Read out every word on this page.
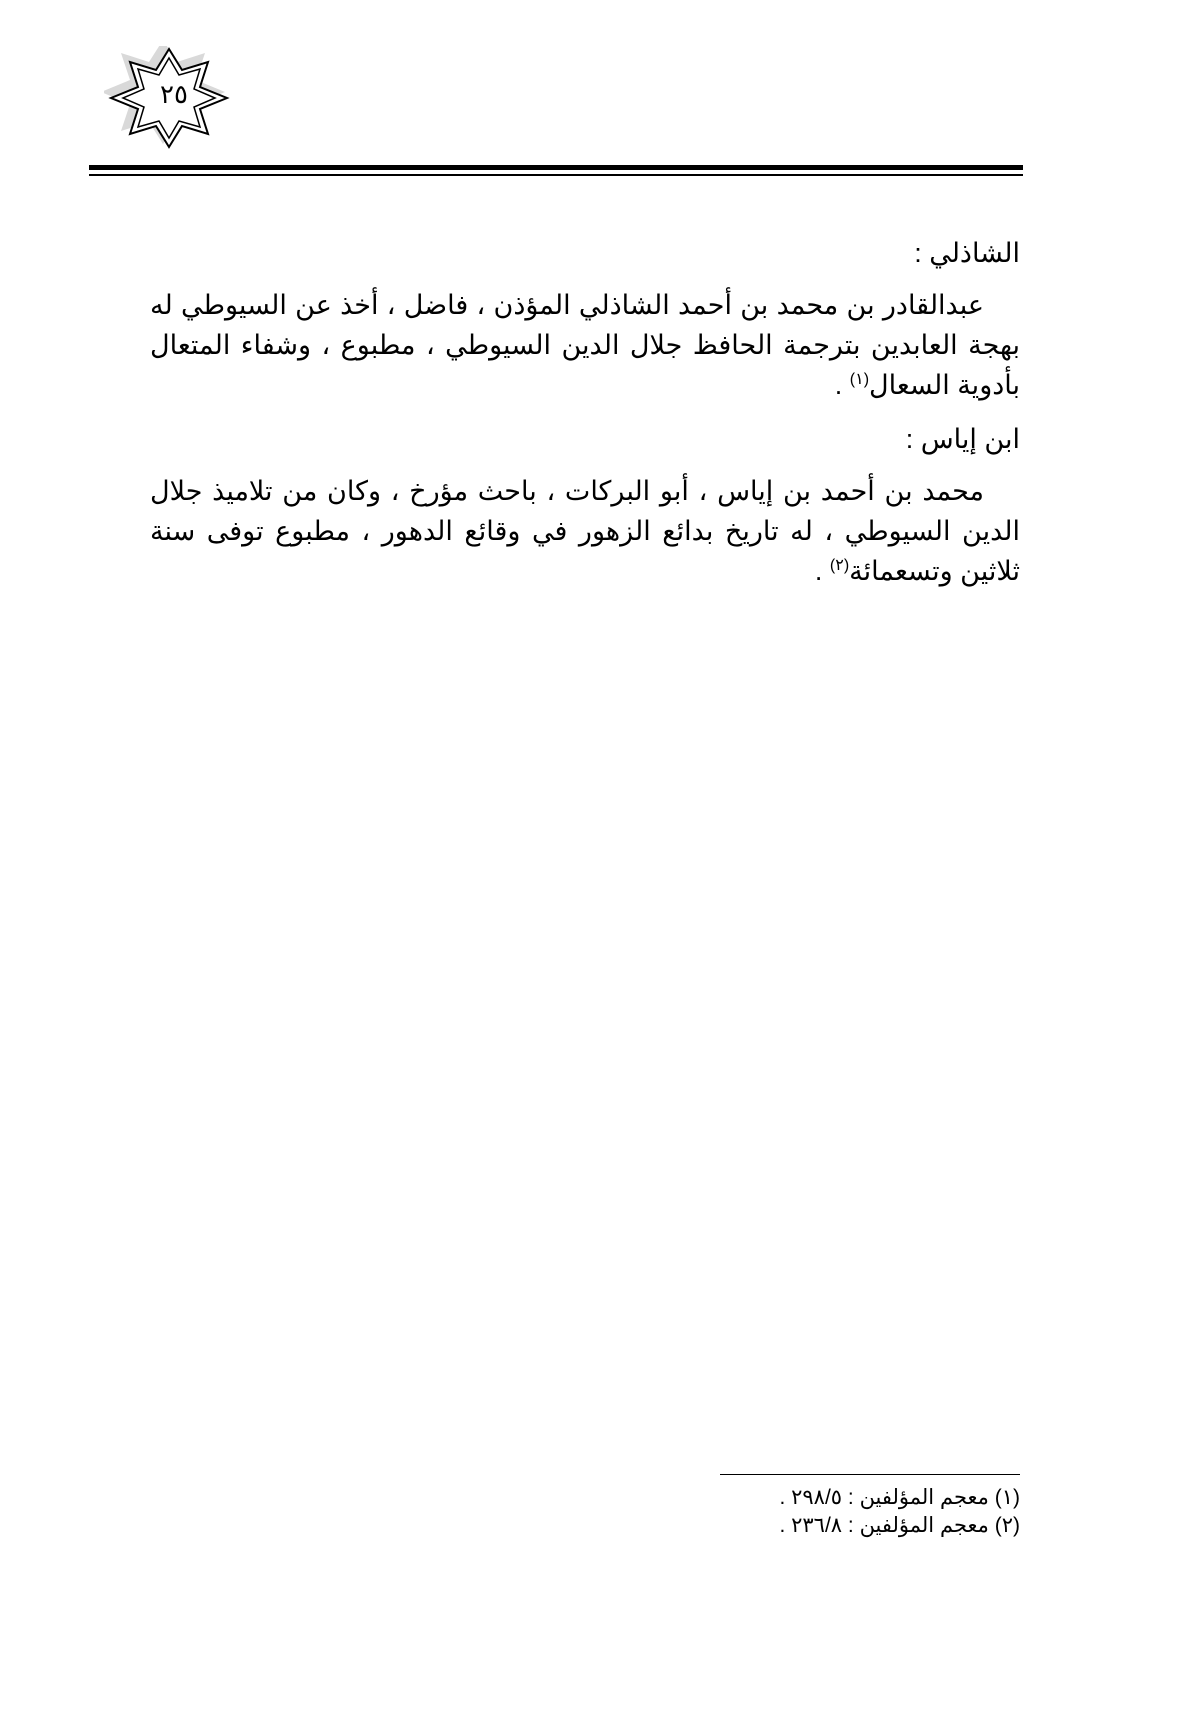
٢٥

الشاذلي :

عبدالقادر بن محمد بن أحمد الشاذلي المؤذن ، فاضل ، أخذ عن السيوطي له بهجة العابدين بترجمة الحافظ جلال الدين السيوطي ، مطبوع ، وشفاء المتعال بأدوية السعال$^{(١)}$ .

ابن إياس :

محمد بن أحمد بن إياس ، أبو البركات ، باحث مؤرخ ، وكان من تلاميذ جلال الدين السيوطي ، له تاريخ بدائع الزهور في وقائع الدهور ، مطبوع توفى سنة ثلاثين وتسعمائة$^{(٢)}$ .

(١) معجم المؤلفين : ٢٩٨/٥ .

(٢) معجم المؤلفين : ٢٣٦/٨ .
